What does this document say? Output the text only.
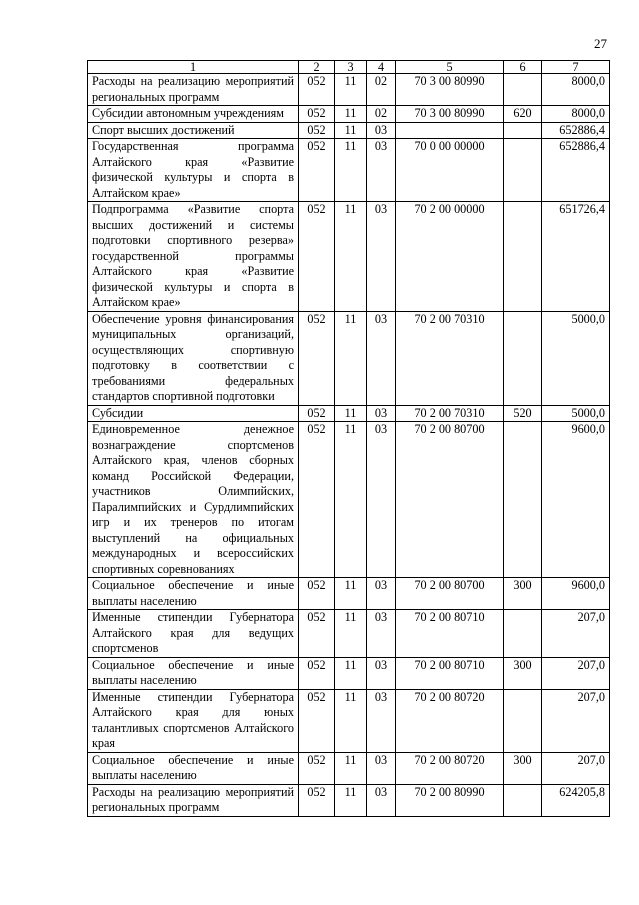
27
1	2	3	4	5	6	7
Расходы на реализацию мероприятий региональных программ	052	11	02	70 3 00 80990		8000,0
Субсидии автономным учреждениям	052	11	02	70 3 00 80990	620	8000,0
Спорт высших достижений	052	11	03			652886,4
Государственная программа Алтайского края «Развитие физической культуры и спорта в Алтайском крае»	052	11	03	70 0 00 00000		652886,4
Подпрограмма «Развитие спорта высших достижений и системы подготовки спортивного резерва» государственной программы Алтайского края «Развитие физической культуры и спорта в Алтайском крае»	052	11	03	70 2 00 00000		651726,4
Обеспечение уровня финансирования муниципальных организаций, осуществляющих спортивную подготовку в соответствии с требованиями федеральных стандартов спортивной подготовки	052	11	03	70 2 00 70310		5000,0
Субсидии	052	11	03	70 2 00 70310	520	5000,0
Единовременное денежное вознаграждение спортсменов Алтайского края, членов сборных команд Российской Федерации, участников Олимпийских, Паралимпийских и Сурдлимпийских игр и их тренеров по итогам выступлений на официальных международных и всероссийских спортивных соревнованиях	052	11	03	70 2 00 80700		9600,0
Социальное обеспечение и иные выплаты населению	052	11	03	70 2 00 80700	300	9600,0
Именные стипендии Губернатора Алтайского края для ведущих спортсменов	052	11	03	70 2 00 80710		207,0
Социальное обеспечение и иные выплаты населению	052	11	03	70 2 00 80710	300	207,0
Именные стипендии Губернатора Алтайского края для юных талантливых спортсменов Алтайского края	052	11	03	70 2 00 80720		207,0
Социальное обеспечение и иные выплаты населению	052	11	03	70 2 00 80720	300	207,0
Расходы на реализацию мероприятий региональных программ	052	11	03	70 2 00 80990		624205,8
